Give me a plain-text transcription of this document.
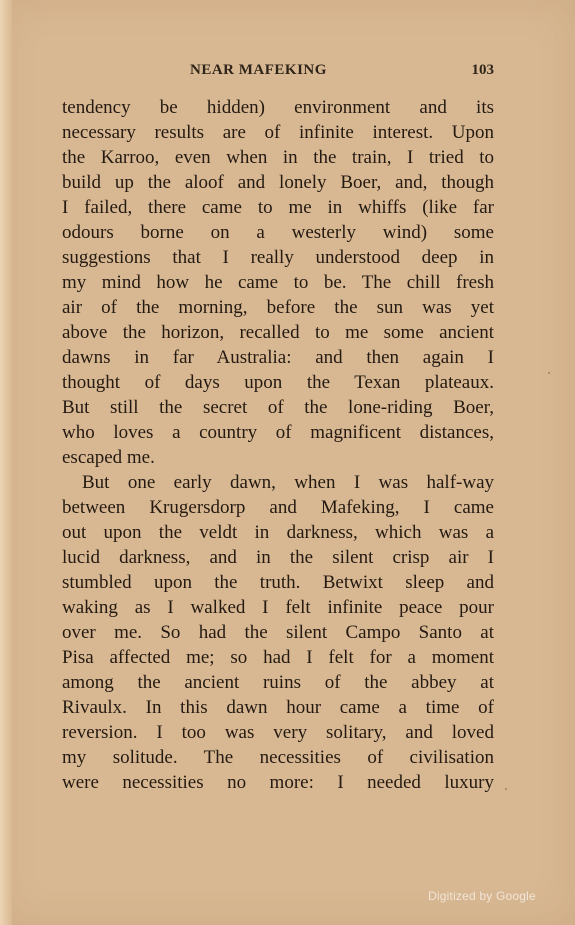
NEAR MAFEKING	103
tendency be hidden) environment and its
necessary results are of infinite interest. Upon
the Karroo, even when in the train, I tried to
build up the aloof and lonely Boer, and, though
I failed, there came to me in whiffs (like far
odours borne on a westerly wind) some
suggestions that I really understood deep in
my mind how he came to be. The chill fresh
air of the morning, before the sun was yet
above the horizon, recalled to me some ancient
dawns in far Australia: and then again I
thought of days upon the Texan plateaux.
But still the secret of the lone-riding Boer,
who loves a country of magnificent distances,
escaped me.
But one early dawn, when I was half-way
between Krugersdorp and Mafeking, I came
out upon the veldt in darkness, which was a
lucid darkness, and in the silent crisp air I
stumbled upon the truth. Betwixt sleep and
waking as I walked I felt infinite peace pour
over me. So had the silent Campo Santo at
Pisa affected me; so had I felt for a moment
among the ancient ruins of the abbey at
Rivaulx. In this dawn hour came a time of
reversion. I too was very solitary, and loved
my solitude. The necessities of civilisation
were necessities no more: I needed luxury
Digitized by Google
